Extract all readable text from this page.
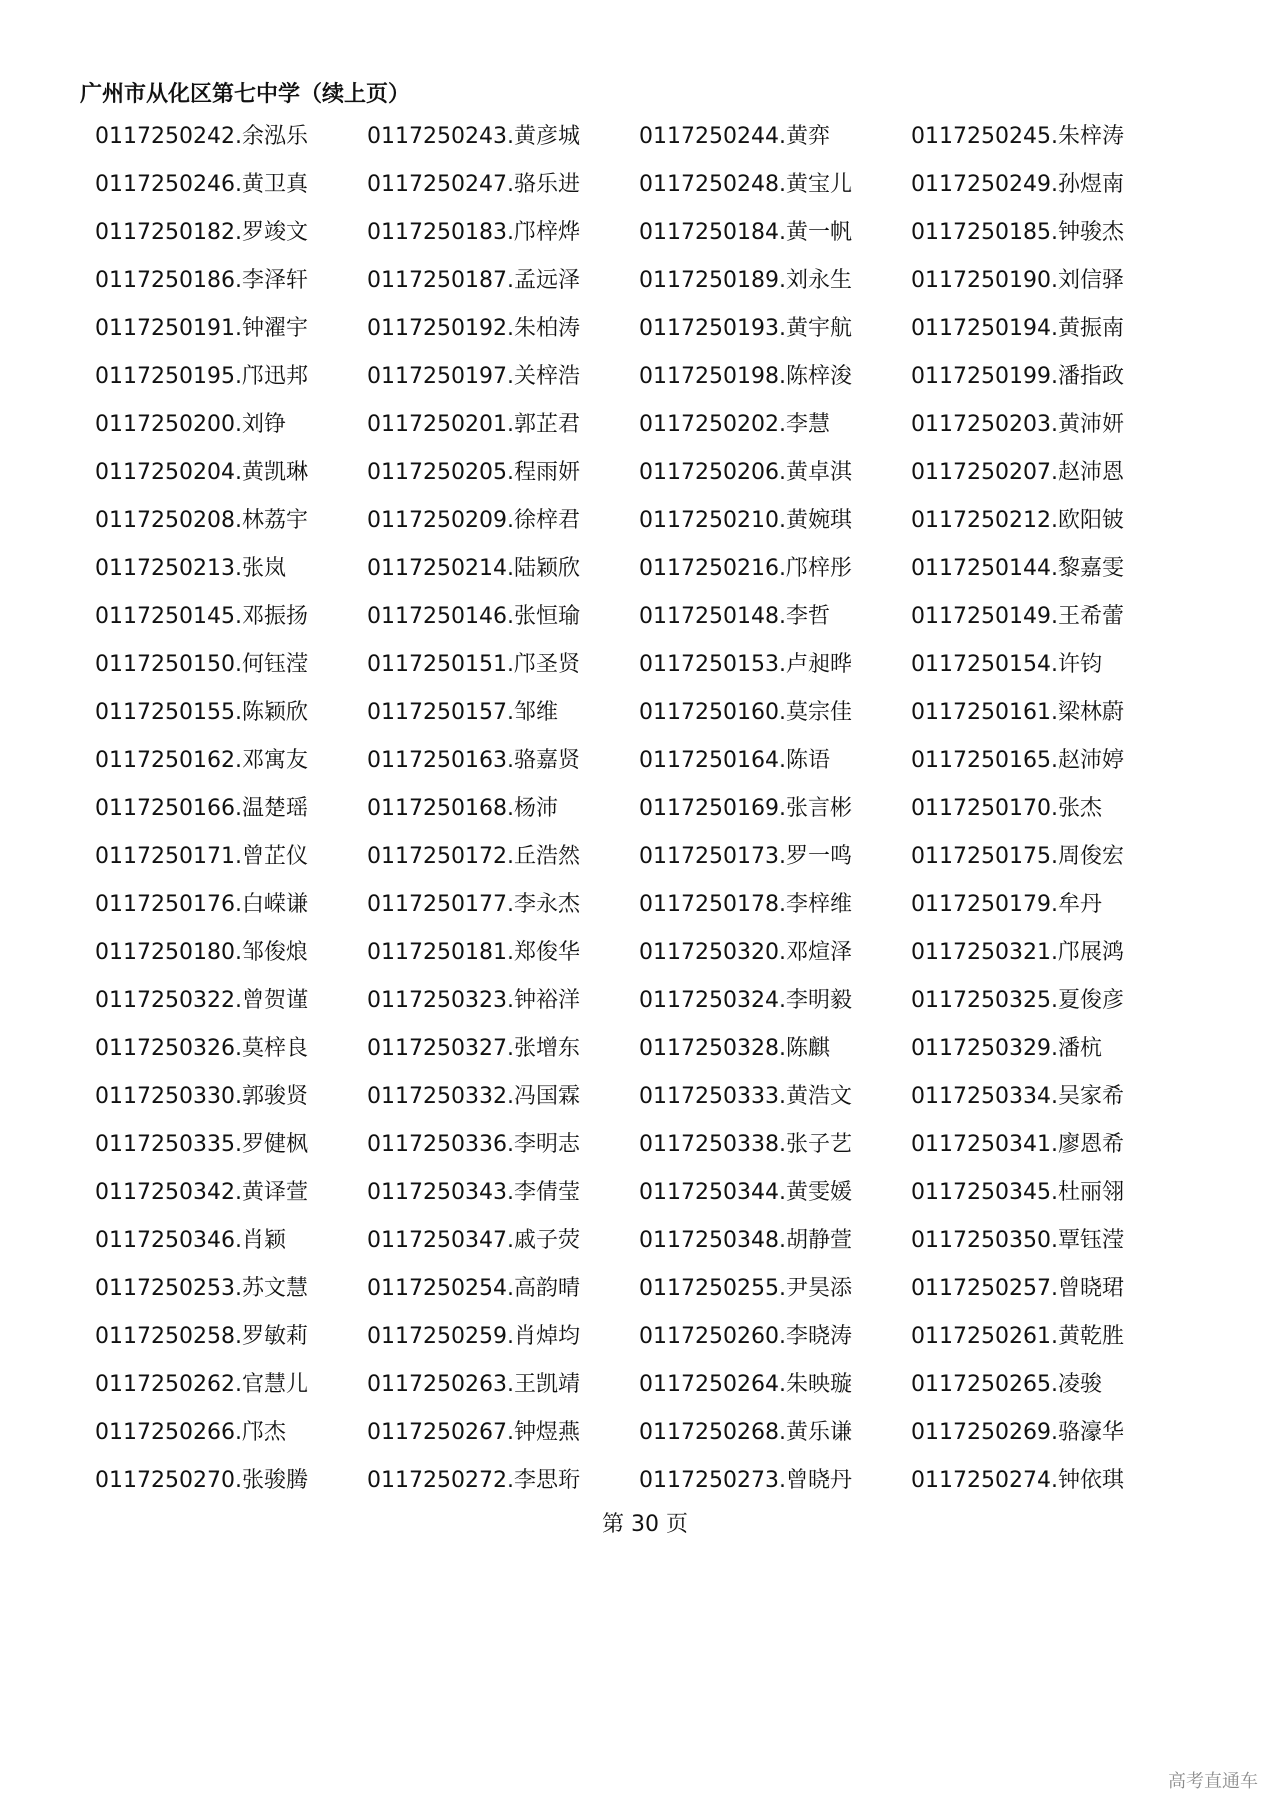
广州市从化区第七中学（续上页）
0117250242.余泓乐	0117250243.黄彦城	0117250244.黄弈	0117250245.朱梓涛
0117250246.黄卫真	0117250247.骆乐进	0117250248.黄宝儿	0117250249.孙煜南
0117250182.罗竣文	0117250183.邝梓烨	0117250184.黄一帆	0117250185.钟骏杰
0117250186.李泽轩	0117250187.孟远泽	0117250189.刘永生	0117250190.刘信驿
0117250191.钟濯宇	0117250192.朱柏涛	0117250193.黄宇航	0117250194.黄振南
0117250195.邝迅邦	0117250197.关梓浩	0117250198.陈梓浚	0117250199.潘指政
0117250200.刘铮	0117250201.郭芷君	0117250202.李慧	0117250203.黄沛妍
0117250204.黄凯琳	0117250205.程雨妍	0117250206.黄卓淇	0117250207.赵沛恩
0117250208.林荔宇	0117250209.徐梓君	0117250210.黄婉琪	0117250212.欧阳铍
0117250213.张岚	0117250214.陆颖欣	0117250216.邝梓彤	0117250144.黎嘉雯
0117250145.邓振扬	0117250146.张恒瑜	0117250148.李哲	0117250149.王希蕾
0117250150.何钰滢	0117250151.邝圣贤	0117250153.卢昶晔	0117250154.许钧
0117250155.陈颖欣	0117250157.邹维	0117250160.莫宗佳	0117250161.梁林蔚
0117250162.邓寓友	0117250163.骆嘉贤	0117250164.陈语	0117250165.赵沛婷
0117250166.温楚瑶	0117250168.杨沛	0117250169.张言彬	0117250170.张杰
0117250171.曾芷仪	0117250172.丘浩然	0117250173.罗一鸣	0117250175.周俊宏
0117250176.白嵘谦	0117250177.李永杰	0117250178.李梓维	0117250179.牟丹
0117250180.邹俊烺	0117250181.郑俊华	0117250320.邓煊泽	0117250321.邝展鸿
0117250322.曾贺谨	0117250323.钟裕洋	0117250324.李明毅	0117250325.夏俊彦
0117250326.莫梓良	0117250327.张增东	0117250328.陈麒	0117250329.潘杭
0117250330.郭骏贤	0117250332.冯国霖	0117250333.黄浩文	0117250334.吴家希
0117250335.罗健枫	0117250336.李明志	0117250338.张子艺	0117250341.廖恩希
0117250342.黄译萱	0117250343.李倩莹	0117250344.黄雯媛	0117250345.杜丽翎
0117250346.肖颖	0117250347.戚子荧	0117250348.胡静萱	0117250350.覃钰滢
0117250253.苏文慧	0117250254.高韵晴	0117250255.尹昊添	0117250257.曾晓珺
0117250258.罗敏莉	0117250259.肖焯均	0117250260.李晓涛	0117250261.黄乾胜
0117250262.官慧儿	0117250263.王凯靖	0117250264.朱映璇	0117250265.凌骏
0117250266.邝杰	0117250267.钟煜燕	0117250268.黄乐谦	0117250269.骆濠华
0117250270.张骏腾	0117250272.李思珩	0117250273.曾晓丹	0117250274.钟依琪
第 30 页
高考直通车
